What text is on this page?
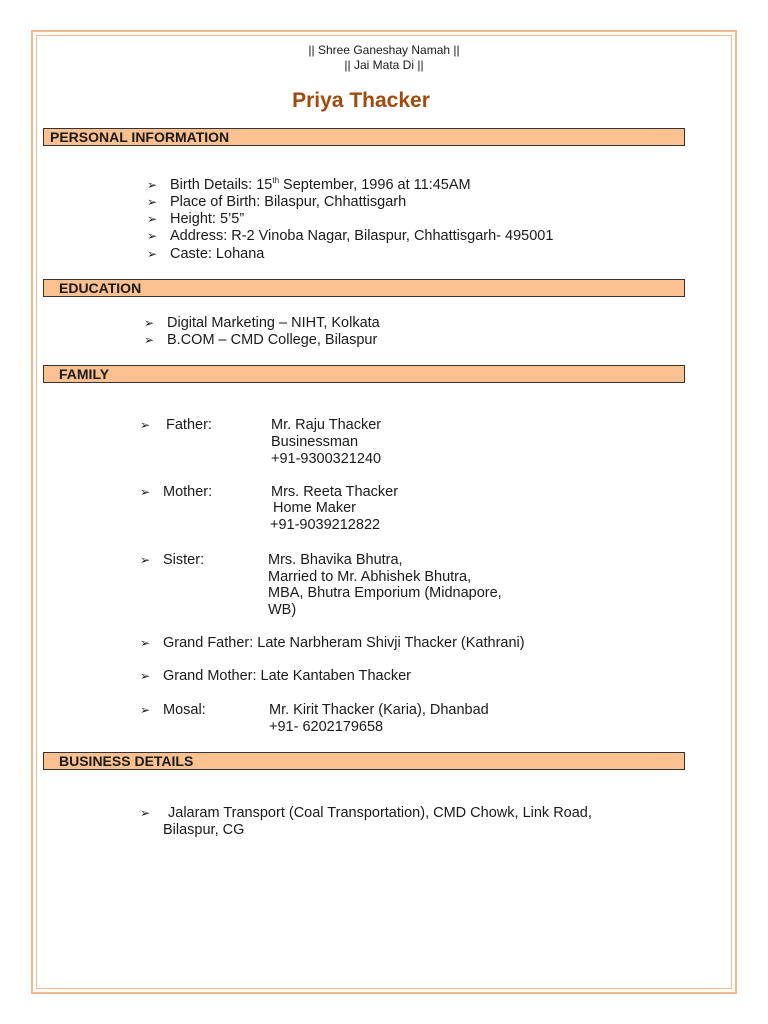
|| Shree Ganeshay Namah ||
|| Jai Mata Di ||
Priya Thacker
PERSONAL INFORMATION
➢ Birth Details: 15th September, 1996 at 11:45AM
➢ Place of Birth: Bilaspur, Chhattisgarh
➢ Height: 5’5”
➢ Address: R-2 Vinoba Nagar, Bilaspur, Chhattisgarh- 495001
➢ Caste: Lohana
EDUCATION
➢ Digital Marketing – NIHT, Kolkata
➢ B.COM – CMD College, Bilaspur
FAMILY
➢ Father:	Mr. Raju Thacker
Businessman
+91-9300321240
➢ Mother:	Mrs. Reeta Thacker
Home Maker
+91-9039212822
➢ Sister:	Mrs. Bhavika Bhutra,
Married to Mr. Abhishek Bhutra,
MBA, Bhutra Emporium (Midnapore,
WB)
➢ Grand Father: Late Narbheram Shivji Thacker (Kathrani)
➢ Grand Mother: Late Kantaben Thacker
➢ Mosal:	Mr. Kirit Thacker (Karia), Dhanbad
+91- 6202179658
BUSINESS DETAILS
➢ Jalaram Transport (Coal Transportation), CMD Chowk, Link Road,
Bilaspur, CG
